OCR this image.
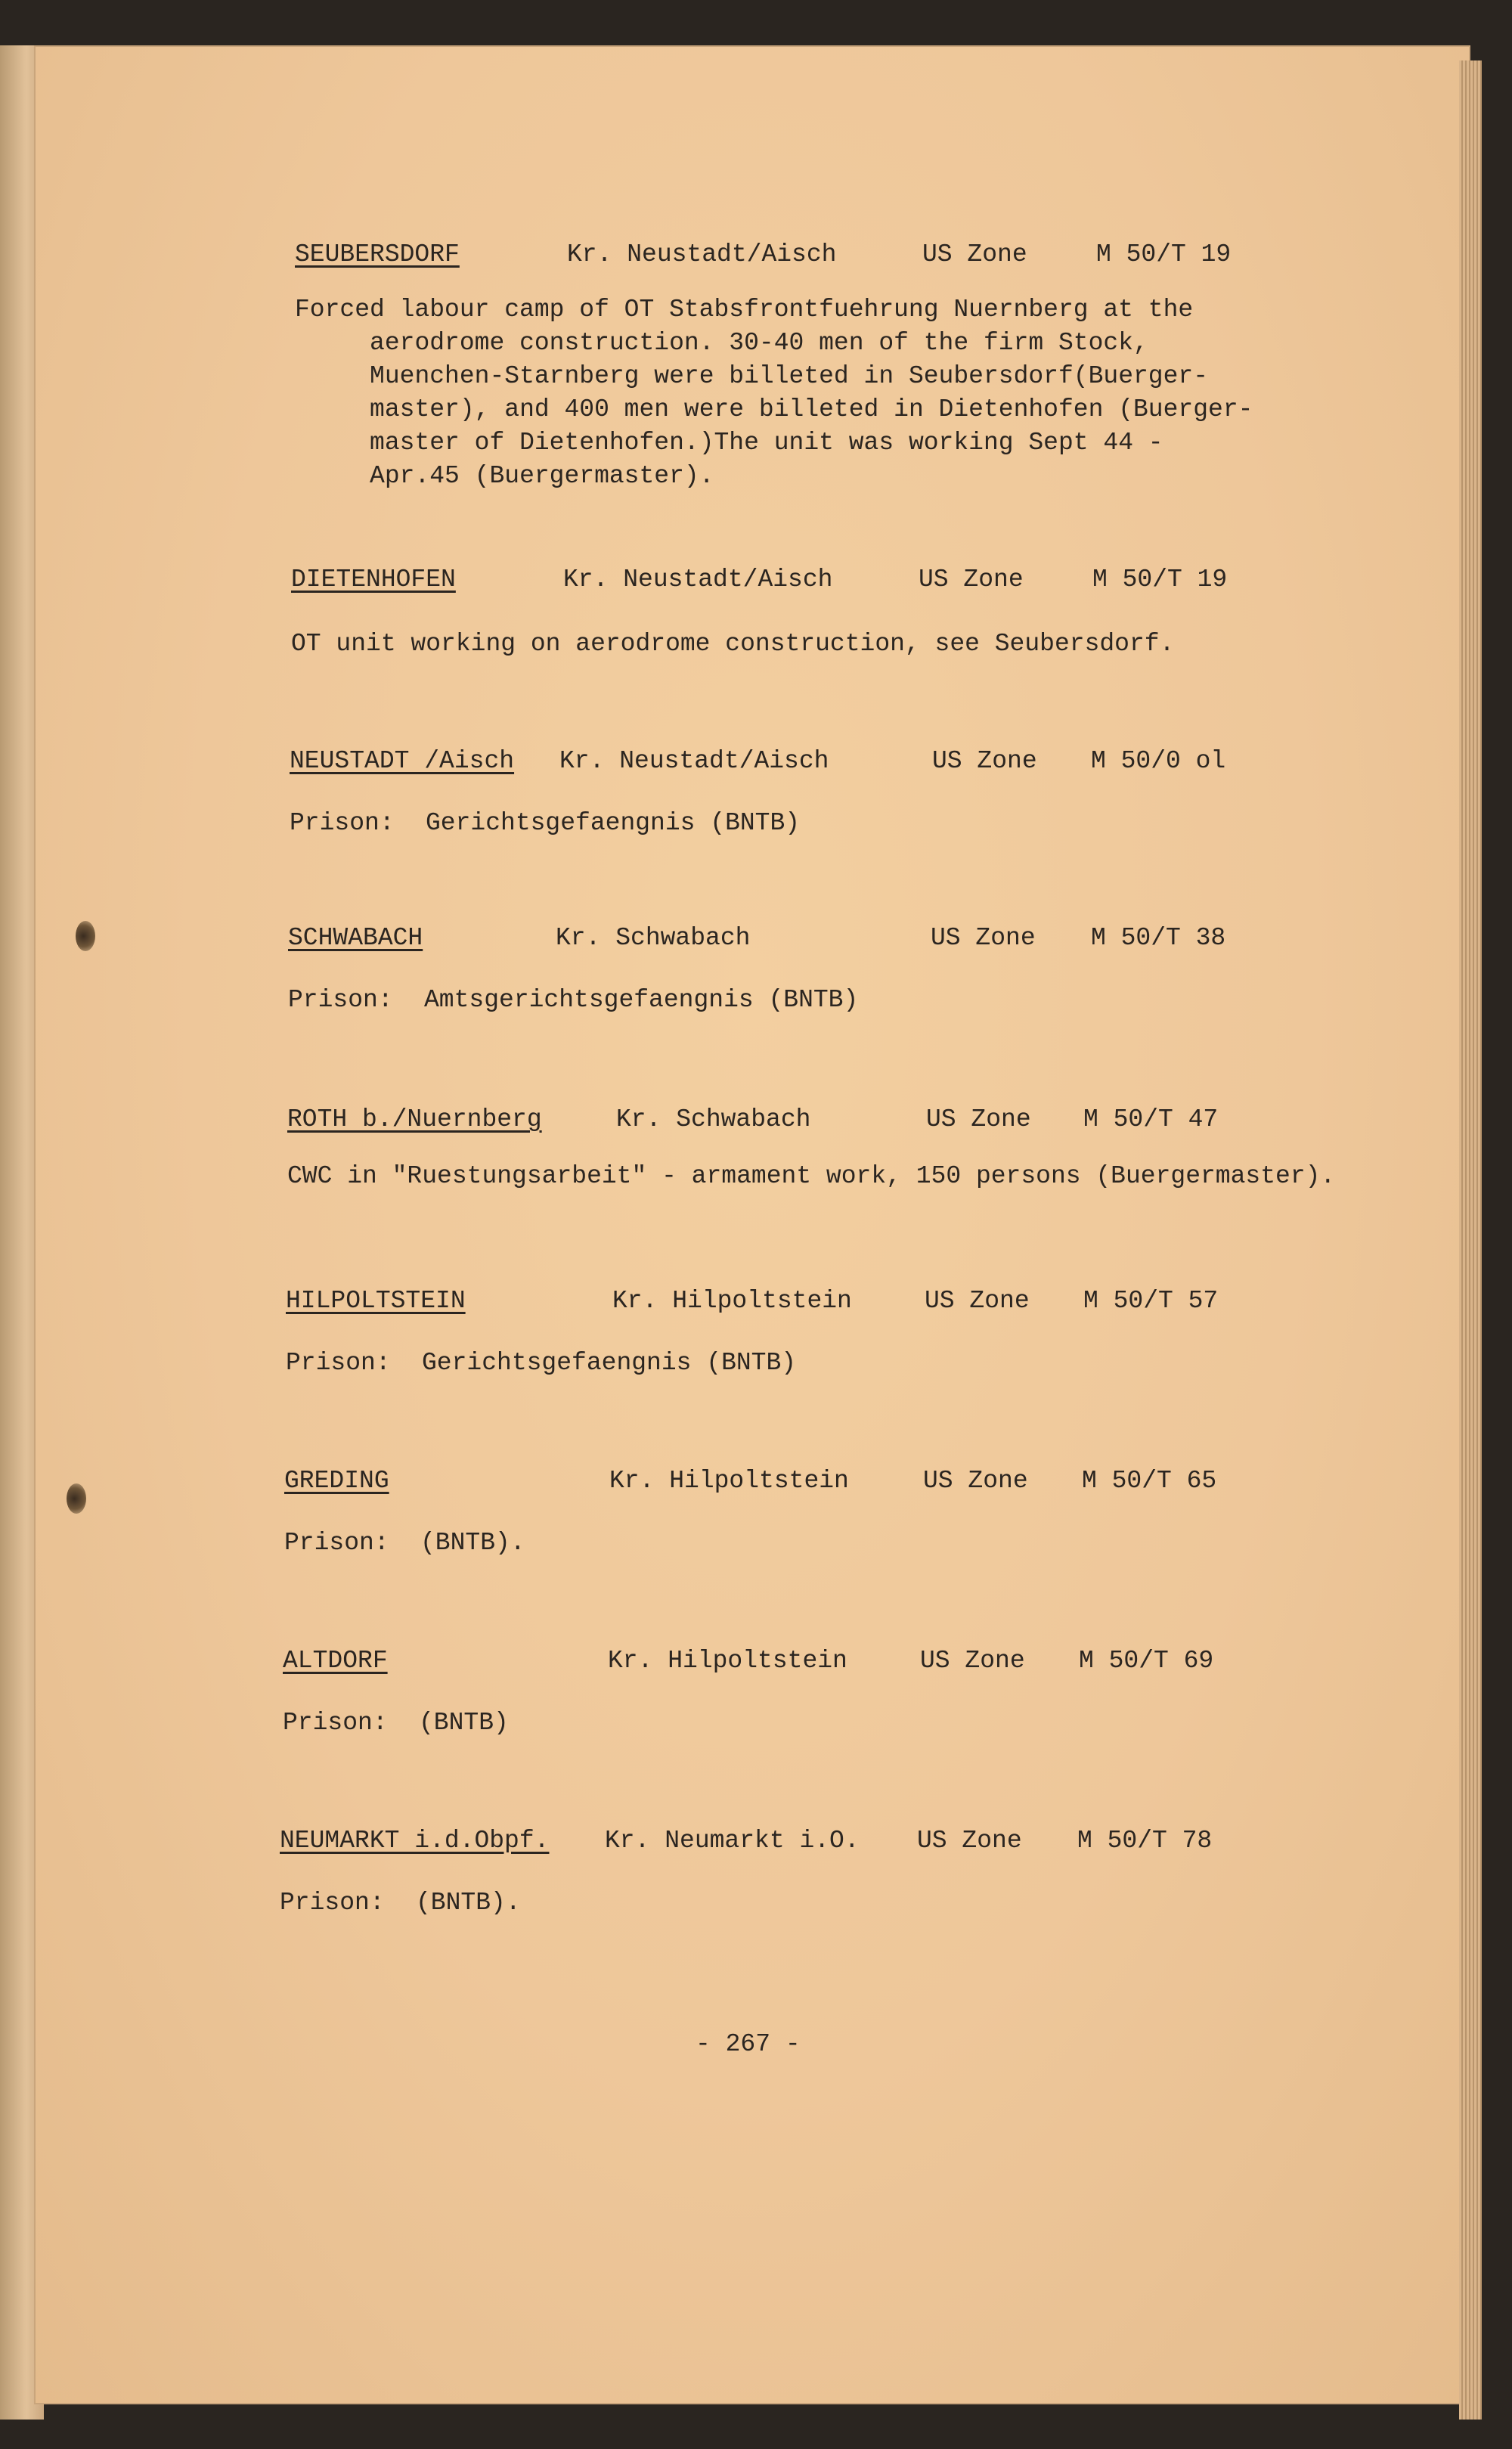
SEUBERSDORF	Kr. Neustadt/Aisch	US Zone	M 50/T 19
Forced labour camp of OT Stabsfrontfuehrung Nuernberg at the
aerodrome construction. 30-40 men of the firm Stock,
Muenchen-Starnberg were billeted in Seubersdorf(Buerger-
master), and 400 men were billeted in Dietenhofen (Buerger-
master of Dietenhofen.)The unit was working Sept 44 -
Apr.45 (Buergermaster).
DIETENHOFEN	Kr. Neustadt/Aisch	US Zone	M 50/T 19
OT unit working on aerodrome construction, see Seubersdorf.
NEUSTADT /Aisch Kr. Neustadt/Aisch	US Zone M 50/0 ol
Prison: Gerichtsgefaengnis (BNTB)
SCHWABACH	Kr. Schwabach	US Zone M 50/T 38
Prison: Amtsgerichtsgefaengnis (BNTB)
ROTH b./Nuernberg	Kr. Schwabach	US Zone M 50/T 47
CWC in "Ruestungsarbeit" - armament work, 150 persons (Buergermaster).
HILPOLTSTEIN	Kr. Hilpoltstein	US Zone M 50/T 57
Prison: Gerichtsgefaengnis (BNTB)
GREDING	Kr. Hilpoltstein	US Zone M 50/T 65
Prison: (BNTB).
ALTDORF	Kr. Hilpoltstein	US Zone M 50/T 69
Prison: (BNTB)
NEUMARKT i.d.Obpf. Kr. Neumarkt i.O. US Zone M 50/T 78
Prison: (BNTB).
- 267 -
